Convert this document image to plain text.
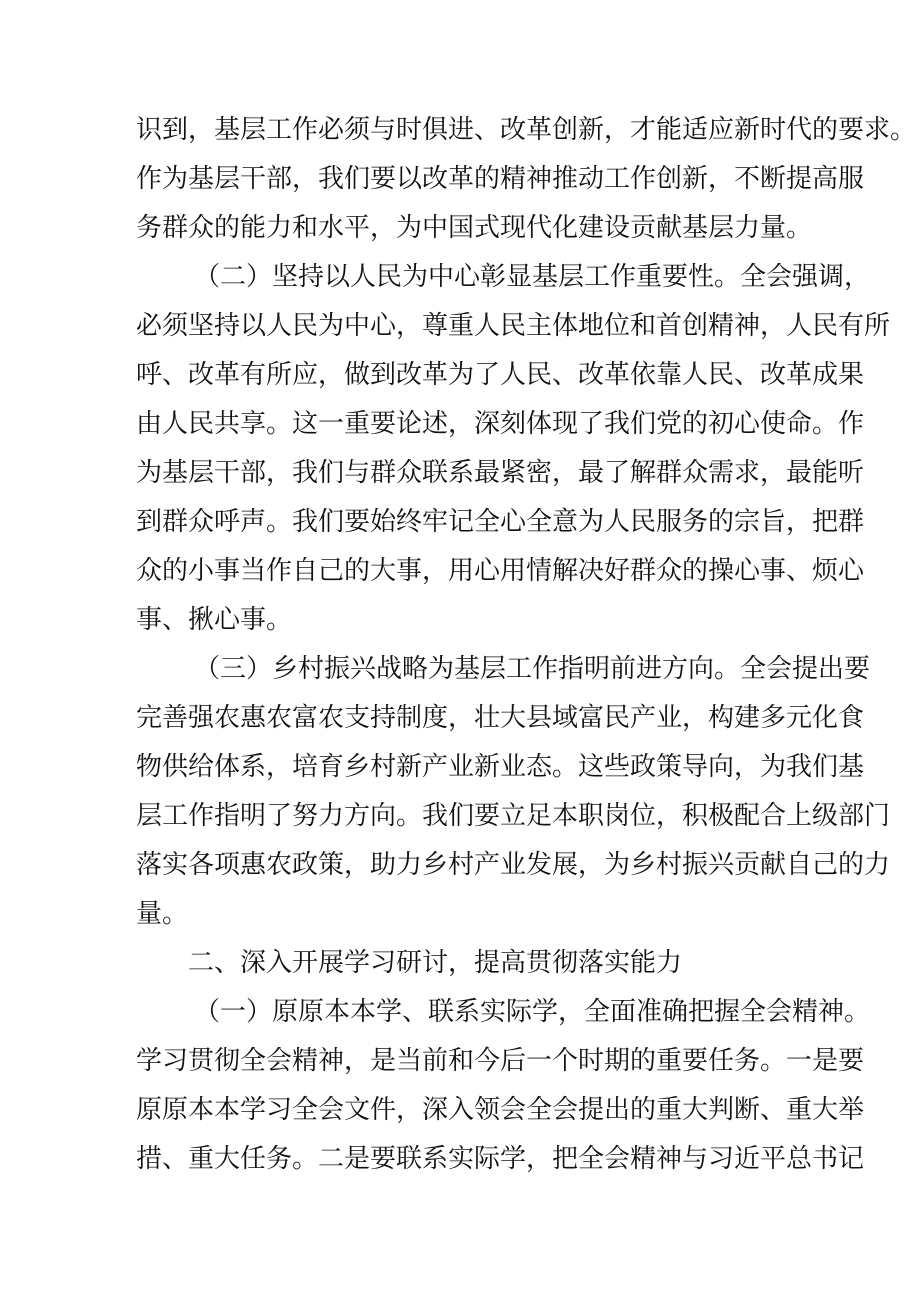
识到，基层工作必须与时俱进、改革创新，才能适应新时代的要求。
作为基层干部，我们要以改革的精神推动工作创新，不断提高服
务群众的能力和水平，为中国式现代化建设贡献基层力量。
（二）坚持以人民为中心彰显基层工作重要性。全会强调，
必须坚持以人民为中心，尊重人民主体地位和首创精神，人民有所
呼、改革有所应，做到改革为了人民、改革依靠人民、改革成果
由人民共享。这一重要论述，深刻体现了我们党的初心使命。作
为基层干部，我们与群众联系最紧密，最了解群众需求，最能听
到群众呼声。我们要始终牢记全心全意为人民服务的宗旨，把群
众的小事当作自己的大事，用心用情解决好群众的操心事、烦心
事、揪心事。
（三）乡村振兴战略为基层工作指明前进方向。全会提出要
完善强农惠农富农支持制度，壮大县域富民产业，构建多元化食
物供给体系，培育乡村新产业新业态。这些政策导向，为我们基
层工作指明了努力方向。我们要立足本职岗位，积极配合上级部门
落实各项惠农政策，助力乡村产业发展，为乡村振兴贡献自己的力
量。
二、深入开展学习研讨，提高贯彻落实能力
（一）原原本本学、联系实际学，全面准确把握全会精神。
学习贯彻全会精神，是当前和今后一个时期的重要任务。一是要
原原本本学习全会文件，深入领会全会提出的重大判断、重大举
措、重大任务。二是要联系实际学，把全会精神与习近平总书记
